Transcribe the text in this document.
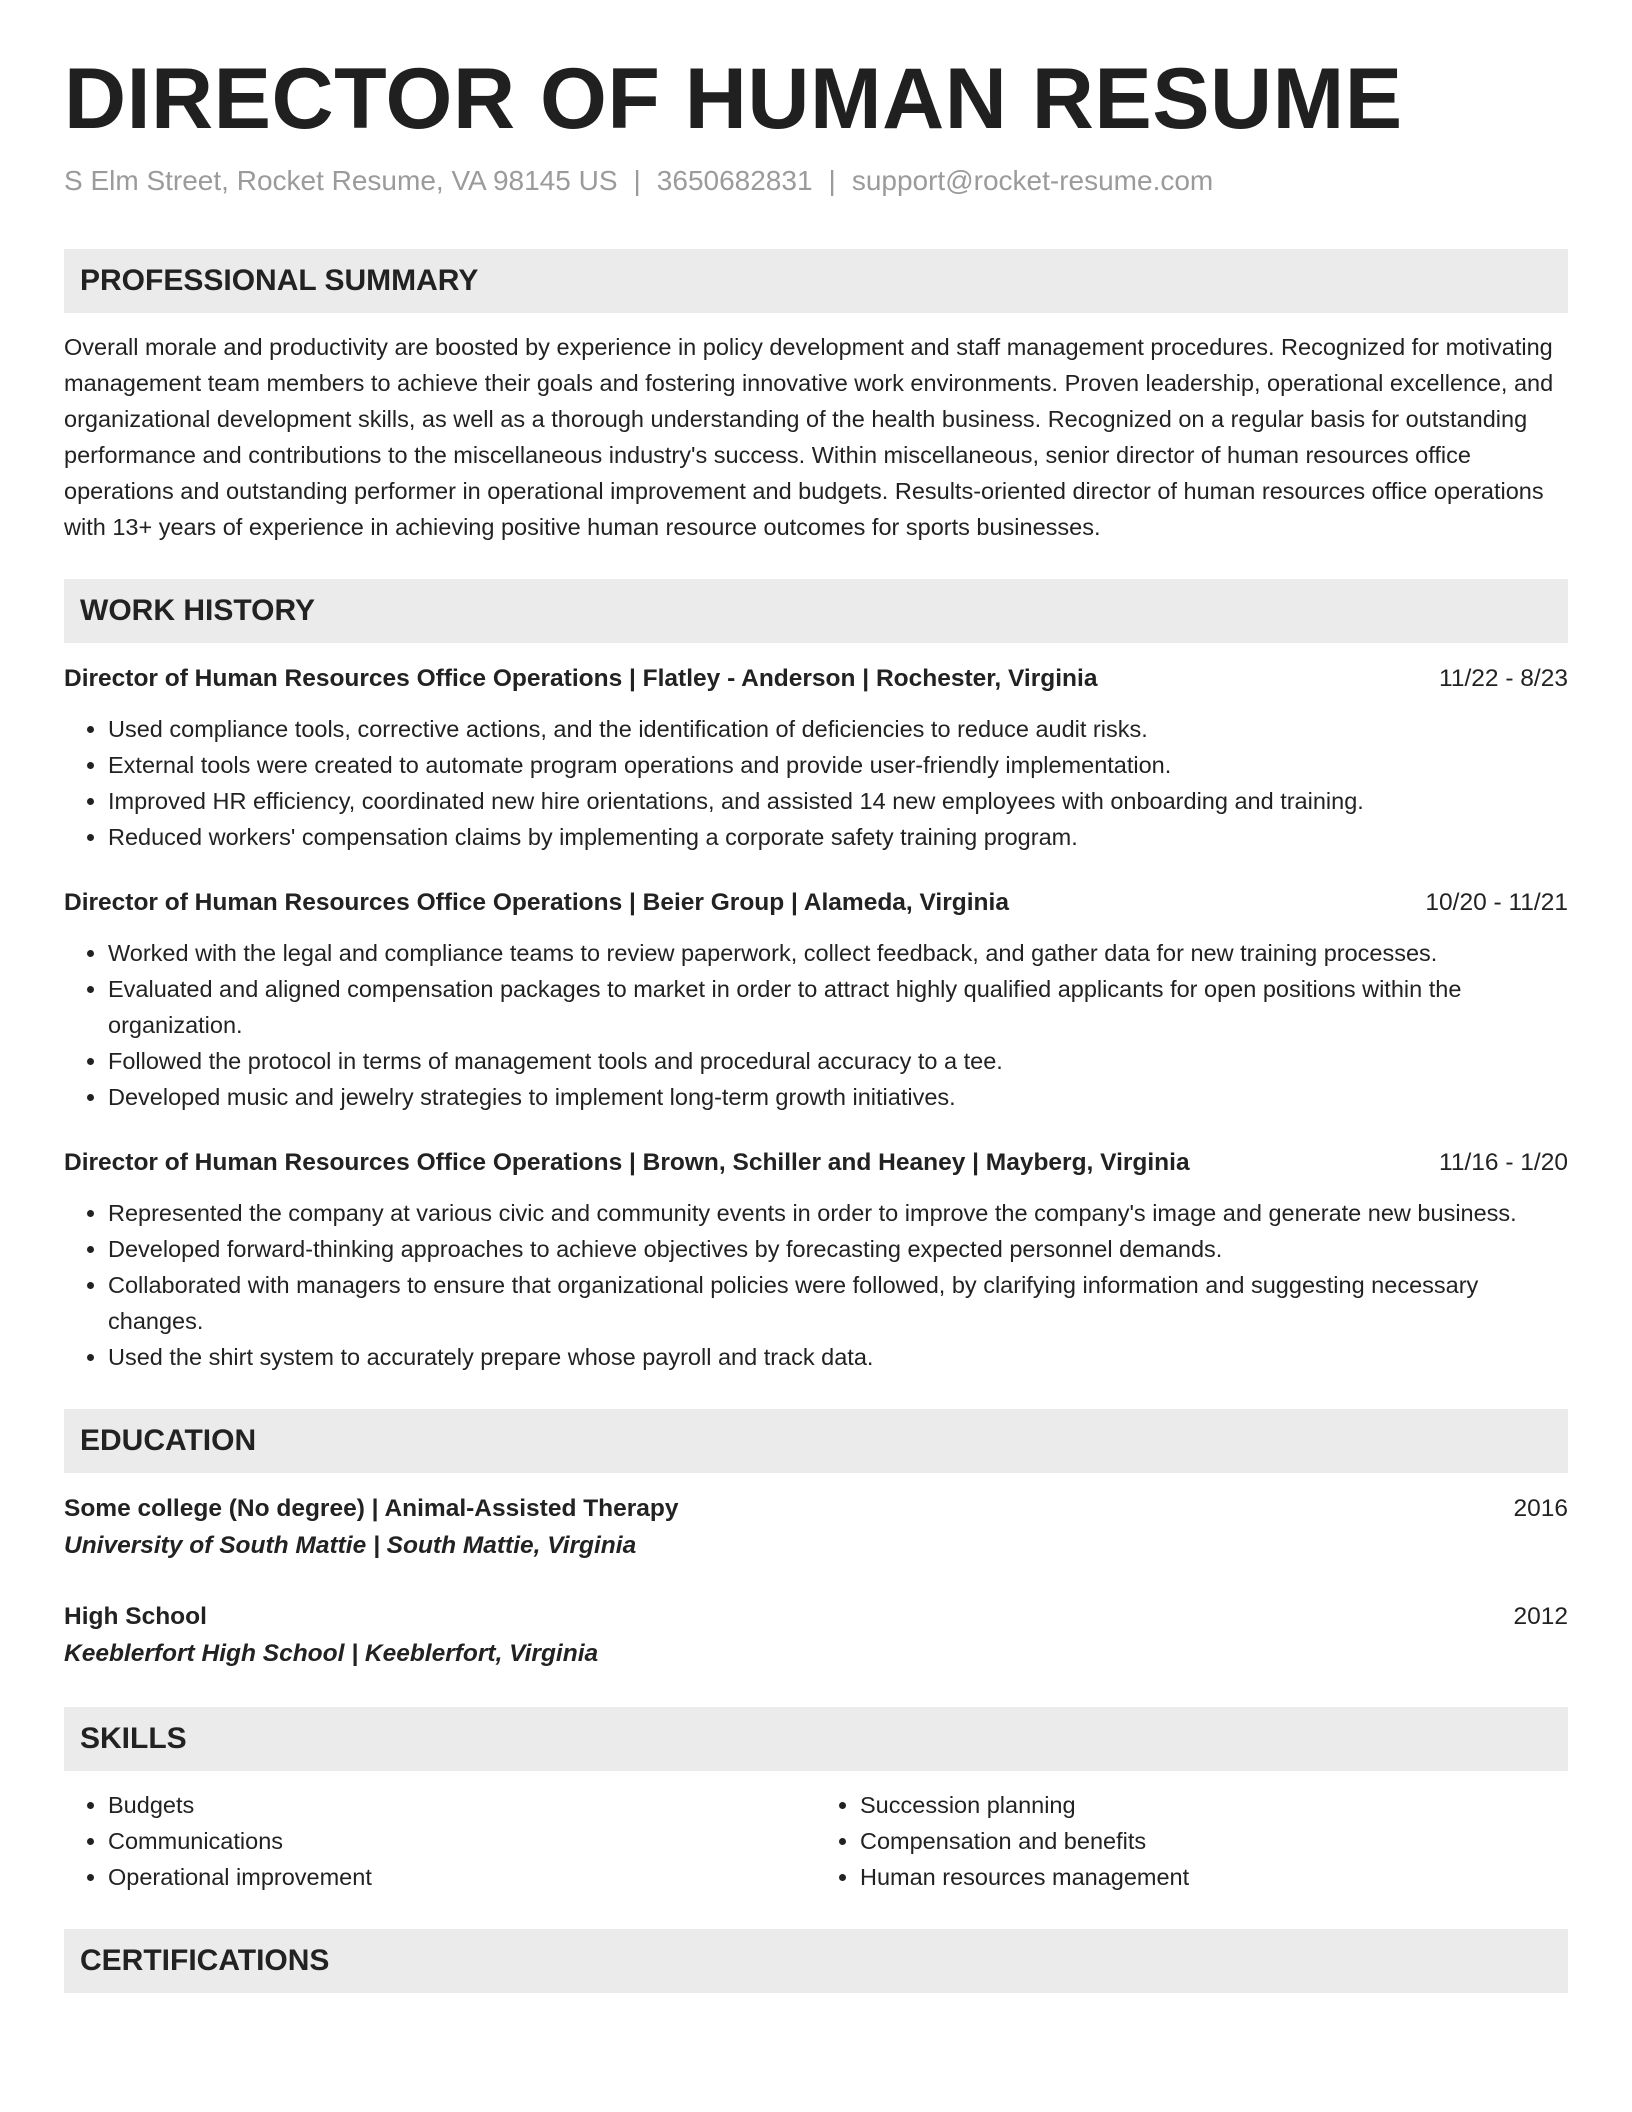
DIRECTOR OF HUMAN RESUME
S Elm Street, Rocket Resume, VA 98145 US | 3650682831 | support@rocket-resume.com
PROFESSIONAL SUMMARY
Overall morale and productivity are boosted by experience in policy development and staff management procedures. Recognized for motivating management team members to achieve their goals and fostering innovative work environments. Proven leadership, operational excellence, and organizational development skills, as well as a thorough understanding of the health business. Recognized on a regular basis for outstanding performance and contributions to the miscellaneous industry's success. Within miscellaneous, senior director of human resources office operations and outstanding performer in operational improvement and budgets. Results-oriented director of human resources office operations with 13+ years of experience in achieving positive human resource outcomes for sports businesses.
WORK HISTORY
Director of Human Resources Office Operations | Flatley - Anderson | Rochester, Virginia	11/22 - 8/23
• Used compliance tools, corrective actions, and the identification of deficiencies to reduce audit risks.
• External tools were created to automate program operations and provide user-friendly implementation.
• Improved HR efficiency, coordinated new hire orientations, and assisted 14 new employees with onboarding and training.
• Reduced workers' compensation claims by implementing a corporate safety training program.
Director of Human Resources Office Operations | Beier Group | Alameda, Virginia	10/20 - 11/21
• Worked with the legal and compliance teams to review paperwork, collect feedback, and gather data for new training processes.
• Evaluated and aligned compensation packages to market in order to attract highly qualified applicants for open positions within the organization.
• Followed the protocol in terms of management tools and procedural accuracy to a tee.
• Developed music and jewelry strategies to implement long-term growth initiatives.
Director of Human Resources Office Operations | Brown, Schiller and Heaney | Mayberg, Virginia	11/16 - 1/20
• Represented the company at various civic and community events in order to improve the company's image and generate new business.
• Developed forward-thinking approaches to achieve objectives by forecasting expected personnel demands.
• Collaborated with managers to ensure that organizational policies were followed, by clarifying information and suggesting necessary changes.
• Used the shirt system to accurately prepare whose payroll and track data.
EDUCATION
Some college (No degree) | Animal-Assisted Therapy	2016
University of South Mattie | South Mattie, Virginia
High School	2012
Keeblerfort High School | Keeblerfort, Virginia
SKILLS
• Budgets
• Communications
• Operational improvement
• Succession planning
• Compensation and benefits
• Human resources management
CERTIFICATIONS
